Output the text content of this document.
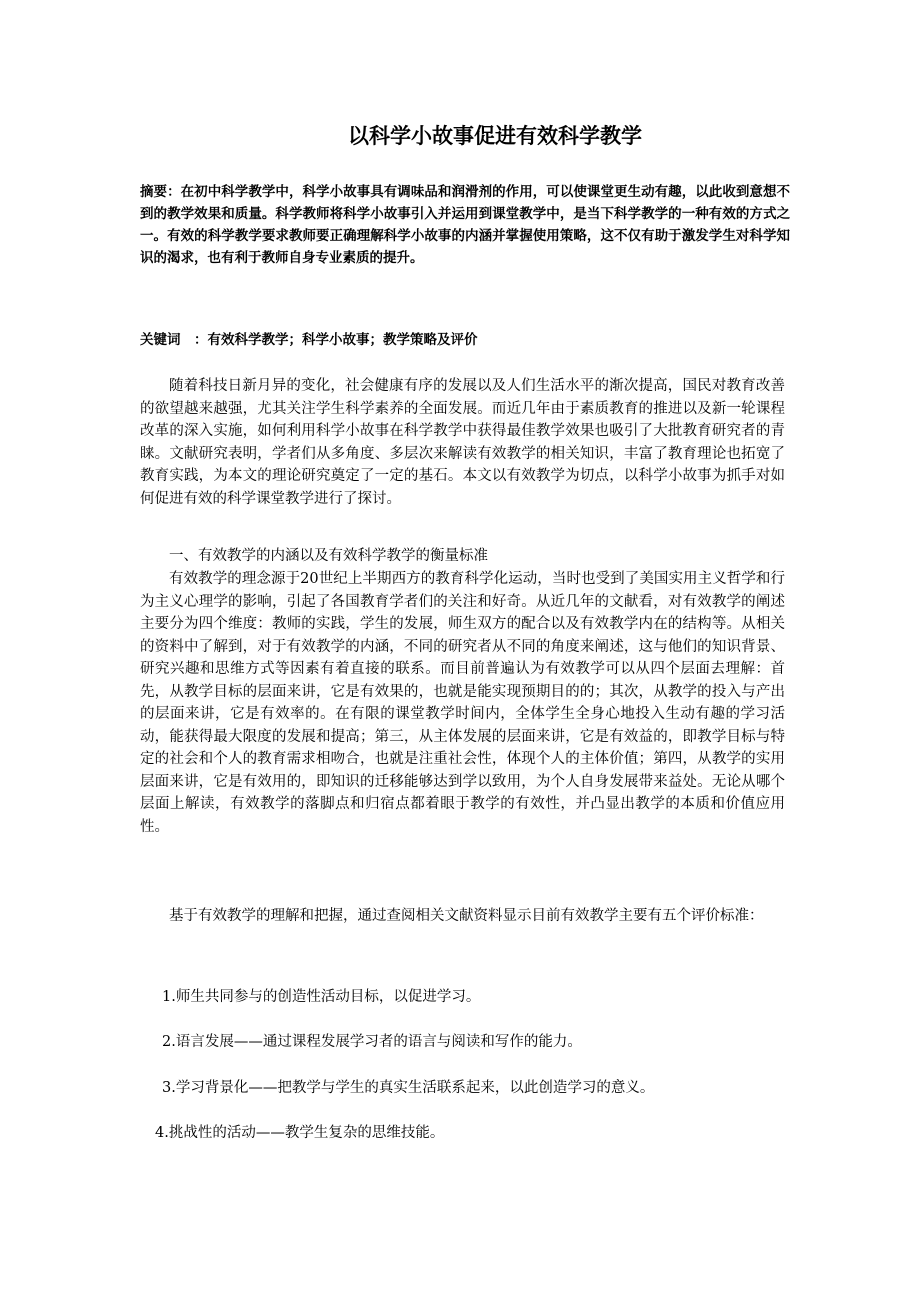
以科学小故事促进有效科学教学

摘要：在初中科学教学中，科学小故事具有调味品和润滑剂的作用，可以使课堂更生动有趣，以此收到意想不到的教学效果和质量。科学教师将科学小故事引入并运用到课堂教学中，是当下科学教学的一种有效的方式之一。有效的科学教学要求教师要正确理解科学小故事的内涵并掌握使用策略，这不仅有助于激发学生对科学知识的渴求，也有利于教师自身专业素质的提升。

关键词　：有效科学教学；科学小故事；教学策略及评价

随着科技日新月异的变化，社会健康有序的发展以及人们生活水平的渐次提高，国民对教育改善的欲望越来越强，尤其关注学生科学素养的全面发展。而近几年由于素质教育的推进以及新一轮课程改革的深入实施，如何利用科学小故事在科学教学中获得最佳教学效果也吸引了大批教育研究者的青睐。文献研究表明，学者们从多角度、多层次来解读有效教学的相关知识，丰富了教育理论也拓宽了教育实践，为本文的理论研究奠定了一定的基石。本文以有效教学为切点，以科学小故事为抓手对如何促进有效的科学课堂教学进行了探讨。

一、有效教学的内涵以及有效科学教学的衡量标准

有效教学的理念源于20世纪上半期西方的教育科学化运动，当时也受到了美国实用主义哲学和行为主义心理学的影响，引起了各国教育学者们的关注和好奇。从近几年的文献看，对有效教学的阐述主要分为四个维度：教师的实践，学生的发展，师生双方的配合以及有效教学内在的结构等。从相关的资料中了解到，对于有效教学的内涵，不同的研究者从不同的角度来阐述，这与他们的知识背景、研究兴趣和思维方式等因素有着直接的联系。而目前普遍认为有效教学可以从四个层面去理解：首先，从教学目标的层面来讲，它是有效果的，也就是能实现预期目的的；其次，从教学的投入与产出的层面来讲，它是有效率的。在有限的课堂教学时间内，全体学生全身心地投入生动有趣的学习活动，能获得最大限度的发展和提高；第三，从主体发展的层面来讲，它是有效益的，即教学目标与特定的社会和个人的教育需求相吻合，也就是注重社会性，体现个人的主体价值；第四，从教学的实用层面来讲，它是有效用的，即知识的迁移能够达到学以致用，为个人自身发展带来益处。无论从哪个层面上解读，有效教学的落脚点和归宿点都着眼于教学的有效性，并凸显出教学的本质和价值应用性。

基于有效教学的理解和把握，通过查阅相关文献资料显示目前有效教学主要有五个评价标准：

1.师生共同参与的创造性活动目标，以促进学习。

2.语言发展——通过课程发展学习者的语言与阅读和写作的能力。

3.学习背景化——把教学与学生的真实生活联系起来，以此创造学习的意义。

4.挑战性的活动——教学生复杂的思维技能。
